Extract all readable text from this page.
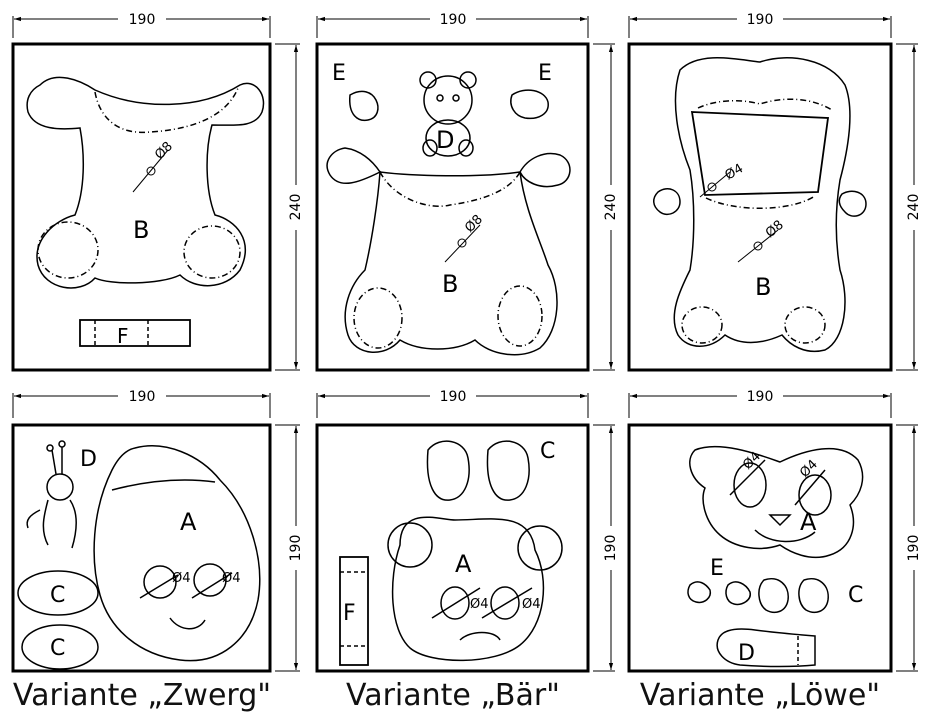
190	190	190
190	190	190
240	240	240
190	190	190
Ø8
B
F
Ø8
B
D
E	E
Ø4
Ø8
B
Ø4 Ø4
A
D
C
C
Ø4	Ø4
A
C
F
Ø4	Ø4
A
E
C
D
Variante „Zwerg"	Variante „Bär"	Variante „Löwe"
